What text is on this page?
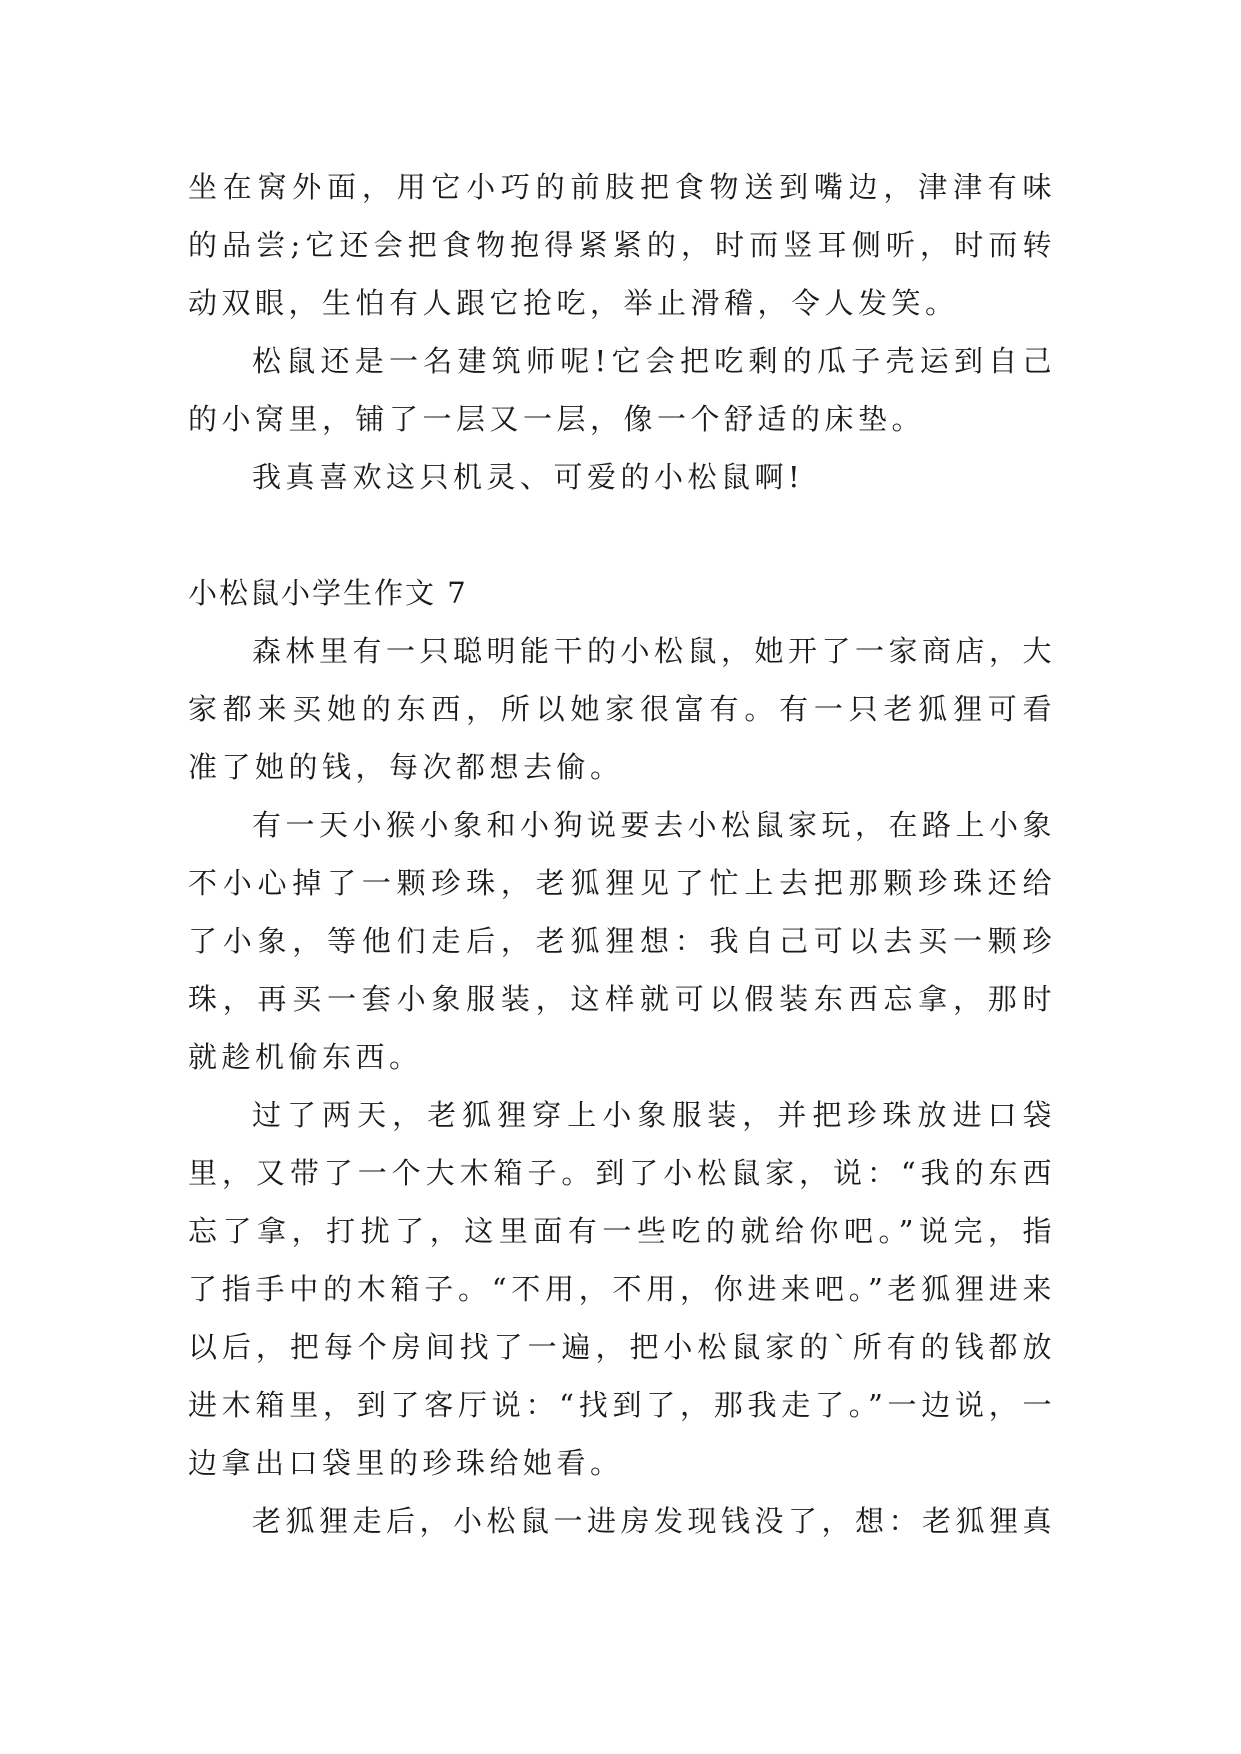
坐在窝外面，用它小巧的前肢把食物送到嘴边，津津有味的品尝;它还会把食物抱得紧紧的，时而竖耳侧听，时而转动双眼，生怕有人跟它抢吃，举止滑稽，令人发笑。

松鼠还是一名建筑师呢!它会把吃剩的瓜子壳运到自己的小窝里，铺了一层又一层，像一个舒适的床垫。

我真喜欢这只机灵、可爱的小松鼠啊!

小松鼠小学生作文 7

森林里有一只聪明能干的小松鼠，她开了一家商店，大家都来买她的东西，所以她家很富有。有一只老狐狸可看准了她的钱，每次都想去偷。

有一天小猴小象和小狗说要去小松鼠家玩，在路上小象不小心掉了一颗珍珠，老狐狸见了忙上去把那颗珍珠还给了小象，等他们走后，老狐狸想：我自己可以去买一颗珍珠，再买一套小象服装，这样就可以假装东西忘拿，那时就趁机偷东西。

过了两天，老狐狸穿上小象服装，并把珍珠放进口袋里，又带了一个大木箱子。到了小松鼠家，说：“我的东西忘了拿，打扰了，这里面有一些吃的就给你吧。”说完，指了指手中的木箱子。“不用，不用，你进来吧。”老狐狸进来以后，把每个房间找了一遍，把小松鼠家的`所有的钱都放进木箱里，到了客厅说：“找到了，那我走了。”一边说，一边拿出口袋里的珍珠给她看。

老狐狸走后，小松鼠一进房发现钱没了，想：老狐狸真
